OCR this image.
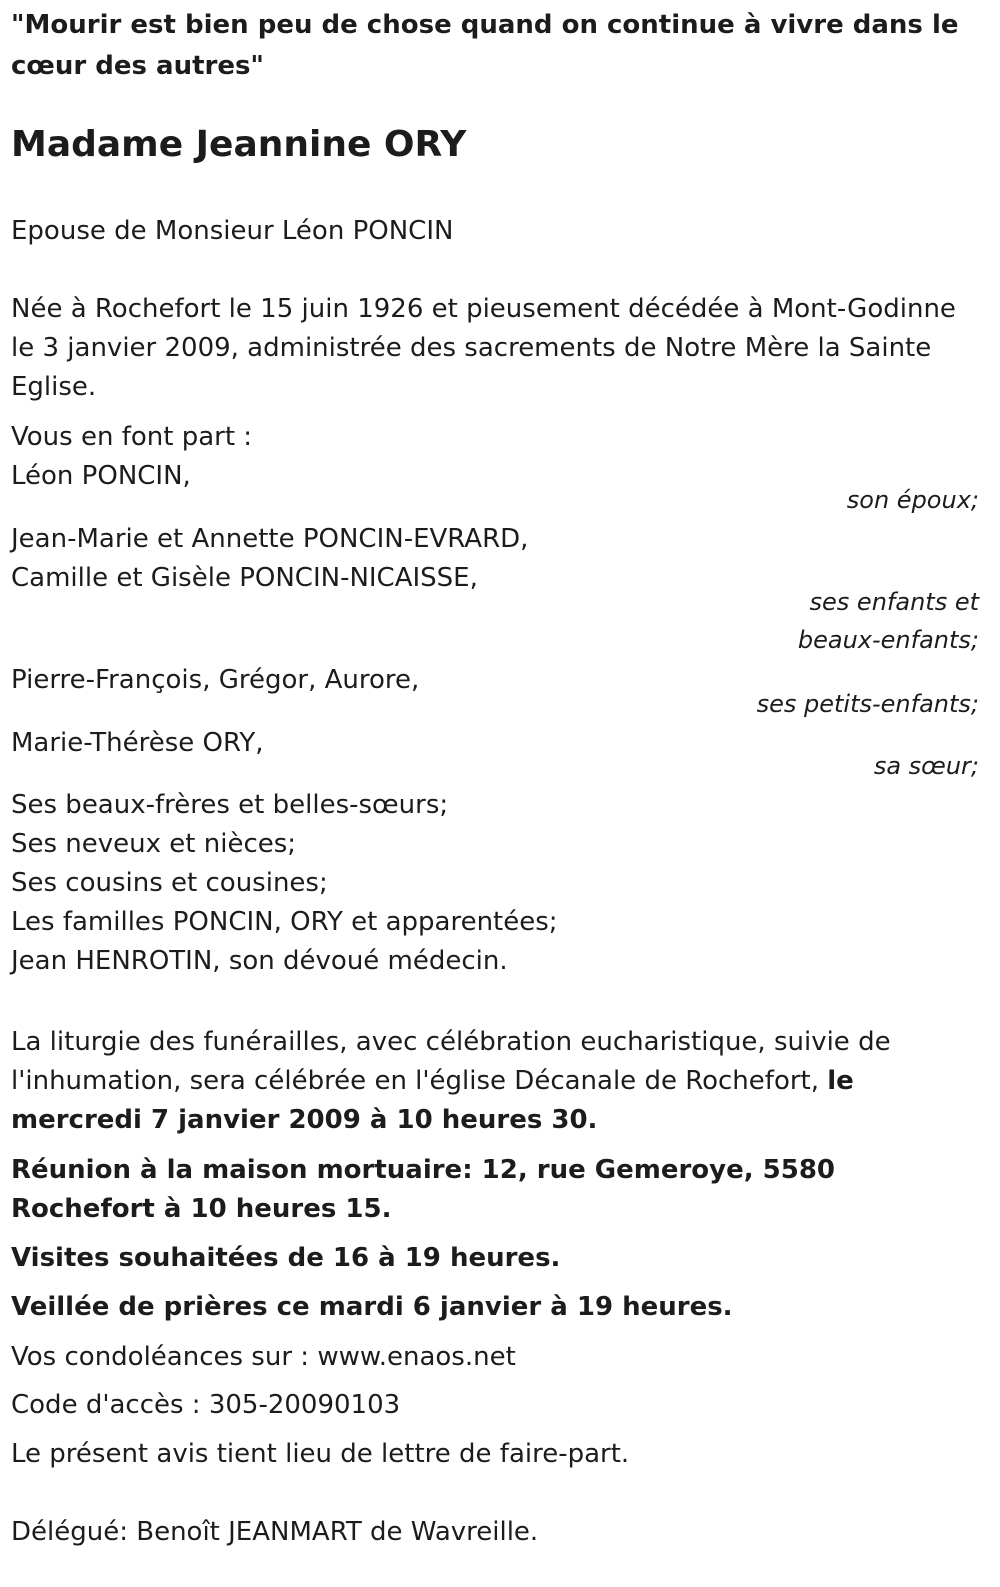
"Mourir est bien peu de chose quand on continue à vivre dans le cœur des autres"
Madame Jeannine ORY
Epouse de Monsieur Léon PONCIN
Née à Rochefort le 15 juin 1926 et pieusement décédée à Mont-Godinne le 3 janvier 2009, administrée des sacrements de Notre Mère la Sainte Eglise.
Vous en font part :
Léon PONCIN,
son époux;
Jean-Marie et Annette PONCIN-EVRARD,
Camille et Gisèle PONCIN-NICAISSE,
ses enfants et
beaux-enfants;
Pierre-François, Grégor, Aurore,
ses petits-enfants;
Marie-Thérèse ORY,
sa sœur;
Ses beaux-frères et belles-sœurs;
Ses neveux et nièces;
Ses cousins et cousines;
Les familles PONCIN, ORY et apparentées;
Jean HENROTIN, son dévoué médecin.
La liturgie des funérailles, avec célébration eucharistique, suivie de l'inhumation, sera célébrée en l'église Décanale de Rochefort, le mercredi 7 janvier 2009 à 10 heures 30.
Réunion à la maison mortuaire: 12, rue Gemeroye, 5580 Rochefort à 10 heures 15.
Visites souhaitées de 16 à 19 heures.
Veillée de prières ce mardi 6 janvier à 19 heures.
Vos condoléances sur : www.enaos.net
Code d'accès : 305-20090103
Le présent avis tient lieu de lettre de faire-part.
Délégué: Benoît JEANMART de Wavreille.
